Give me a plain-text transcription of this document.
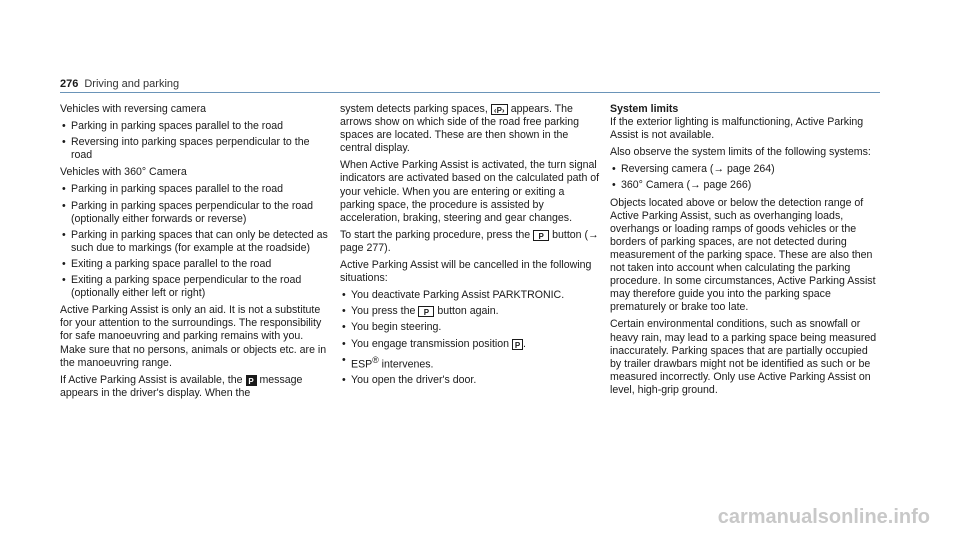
276 Driving and parking

Vehicles with reversing camera

• Parking in parking spaces parallel to the road
• Reversing into parking spaces perpendicular to the road

Vehicles with 360° Camera

• Parking in parking spaces parallel to the road
• Parking in parking spaces perpendicular to the road (optionally either forwards or reverse)
• Parking in parking spaces that can only be detected as such due to markings (for example at the roadside)
• Exiting a parking space parallel to the road
• Exiting a parking space perpendicular to the road (optionally either left or right)

Active Parking Assist is only an aid. It is not a substitute for your attention to the surroundings. The responsibility for safe manoeuvring and parking remains with you. Make sure that no persons, animals or objects etc. are in the manoeuvring range.

If Active Parking Assist is available, the P message appears in the driver's display. When the

system detects parking spaces, ‹P› appears. The arrows show on which side of the road free parking spaces are located. These are then shown in the central display.

When Active Parking Assist is activated, the turn signal indicators are activated based on the calculated path of your vehicle. When you are entering or exiting a parking space, the procedure is assisted by acceleration, braking, steering and gear changes.

To start the parking procedure, press the P button (→ page 277).

Active Parking Assist will be cancelled in the following situations:

• You deactivate Parking Assist PARKTRONIC.
• You press the P button again.
• You begin steering.
• You engage transmission position P .
• ESP® intervenes.
• You open the driver's door.

System limits

If the exterior lighting is malfunctioning, Active Parking Assist is not available.

Also observe the system limits of the following systems:

• Reversing camera (→ page 264)
• 360° Camera (→ page 266)

Objects located above or below the detection range of Active Parking Assist, such as overhanging loads, overhangs or loading ramps of goods vehicles or the borders of parking spaces, are not detected during measurement of the parking space. These are also then not taken into account when calculating the parking procedure. In some circumstances, Active Parking Assist may therefore guide you into the parking space prematurely or brake too late.

Certain environmental conditions, such as snowfall or heavy rain, may lead to a parking space being measured inaccurately. Parking spaces that are partially occupied by trailer drawbars might not be identified as such or be measured incorrectly. Only use Active Parking Assist on level, high-grip ground.

carmanualsonline.info
